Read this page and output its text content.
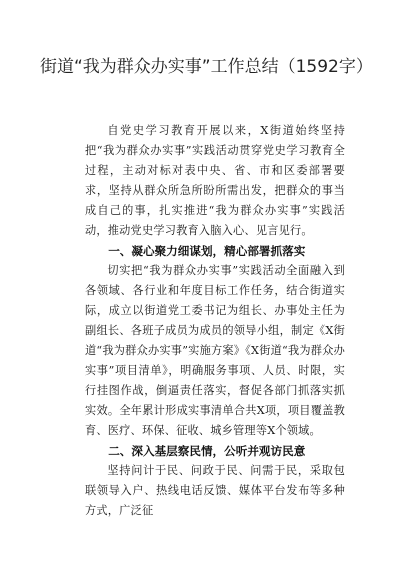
街道“我为群众办实事”工作总结（1592字）

自党史学习教育开展以来，X街道始终坚持把“我为群众办实事”实践活动贯穿党史学习教育全过程，主动对标对表中央、省、市和区委部署要求，坚持从群众所急所盼所需出发，把群众的事当成自己的事，扎实推进“我为群众办实事”实践活动，推动党史学习教育入脑入心、见言见行。

一、凝心聚力细谋划，精心部署抓落实

切实把“我为群众办实事”实践活动全面融入到各领域、各行业和年度目标工作任务，结合街道实际，成立以街道党工委书记为组长、办事处主任为副组长、各班子成员为成员的领导小组，制定《X街道“我为群众办实事”实施方案》《X街道“我为群众办实事”项目清单》，明确服务事项、人员、时限，实行挂图作战，倒逼责任落实，督促各部门抓落实抓实效。全年累计形成实事清单合共X项，项目覆盖教育、医疗、环保、征收、城乡管理等X个领域。

二、深入基层察民情，公听并观访民意

坚持问计于民、问政于民、问需于民，采取包联领导入户、热线电话反馈、媒体平台发布等多种方式，广泛征
